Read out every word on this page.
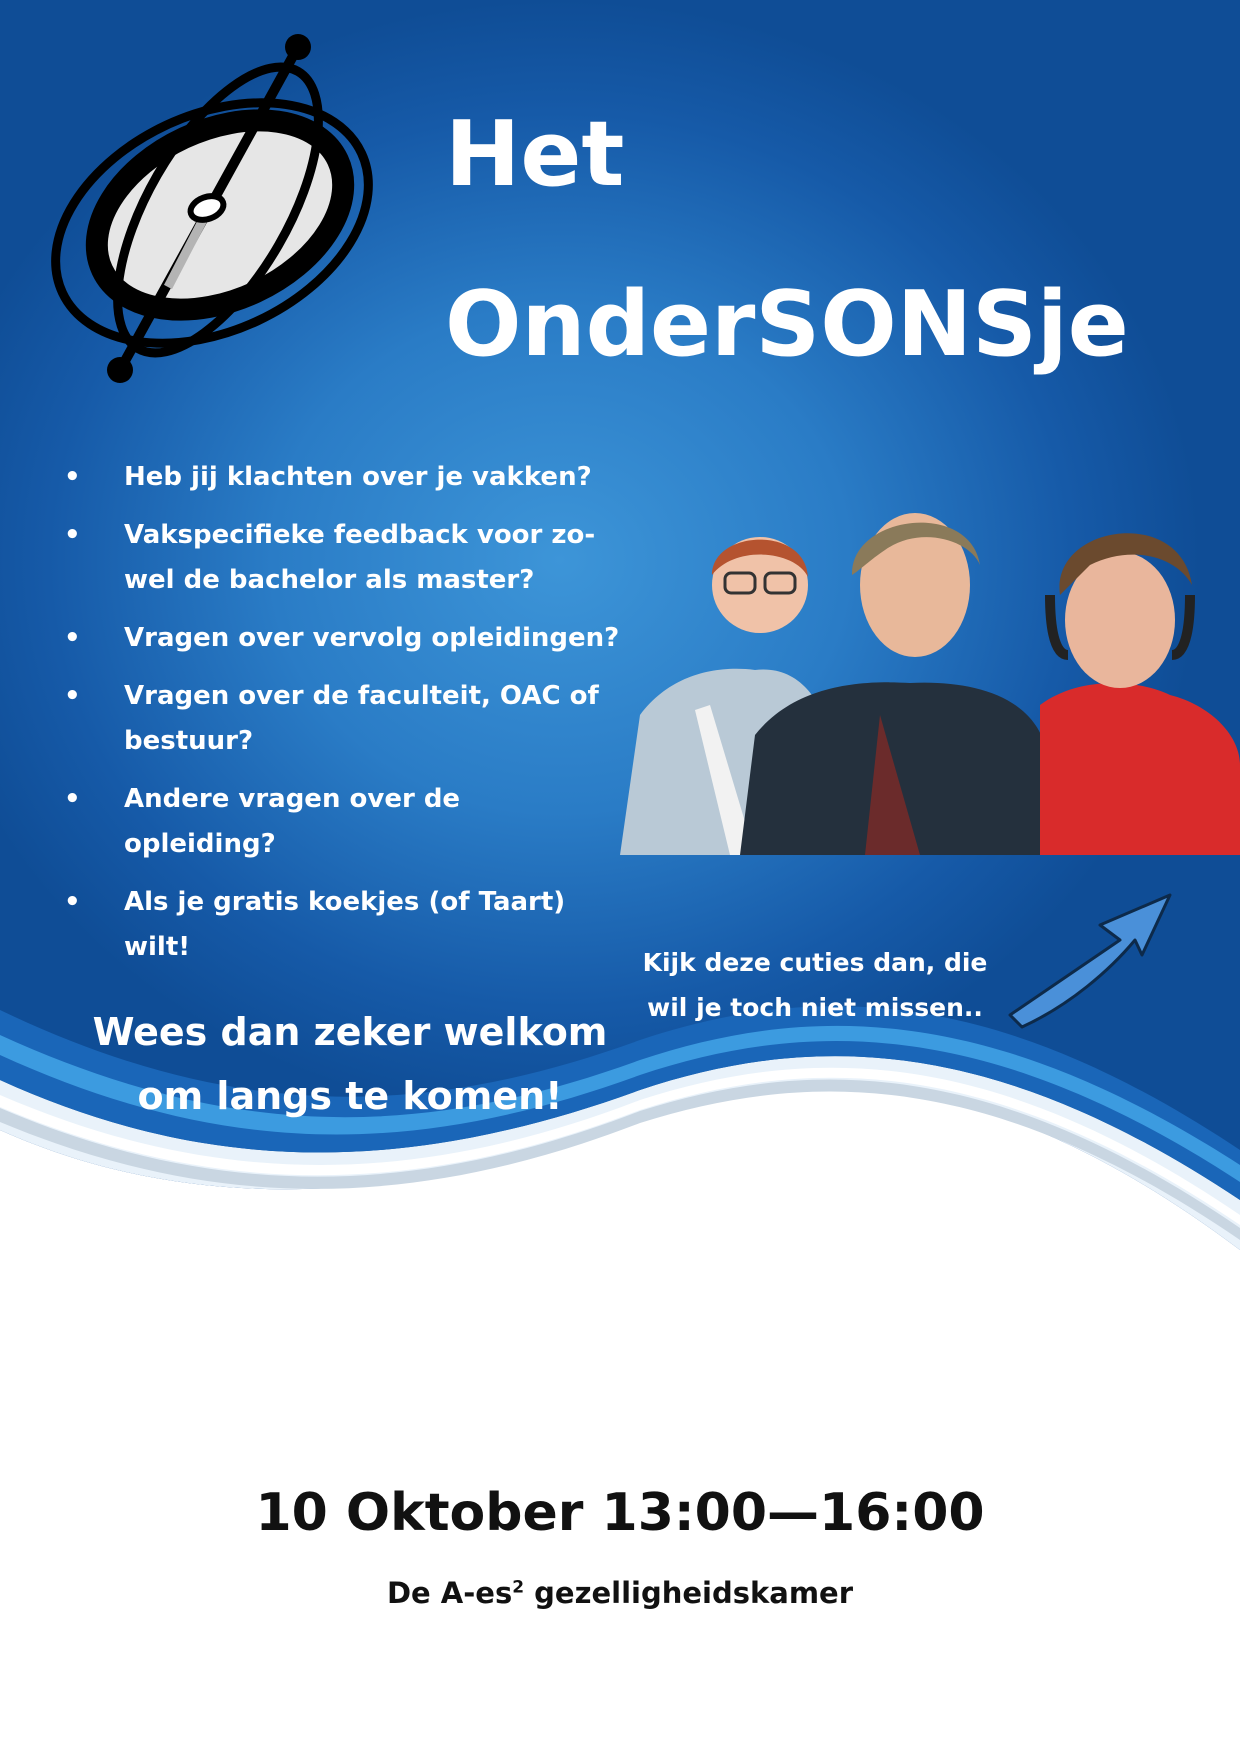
Het
OnderSONSje
• Heb jij klachten over je vakken?
• Vakspecifieke feedback voor zo-wel de bachelor als master?
• Vragen over vervolg opleidingen?
• Vragen over de faculteit, OAC of bestuur?
• Andere vragen over de opleiding?
• Als je gratis koekjes (of Taart) wilt!

Kijk deze cuties dan, die wil je toch niet missen..

Wees dan zeker welkom om langs te komen!

10 Oktober 13:00—16:00

De $A-es^2$ gezelligheidskamer
